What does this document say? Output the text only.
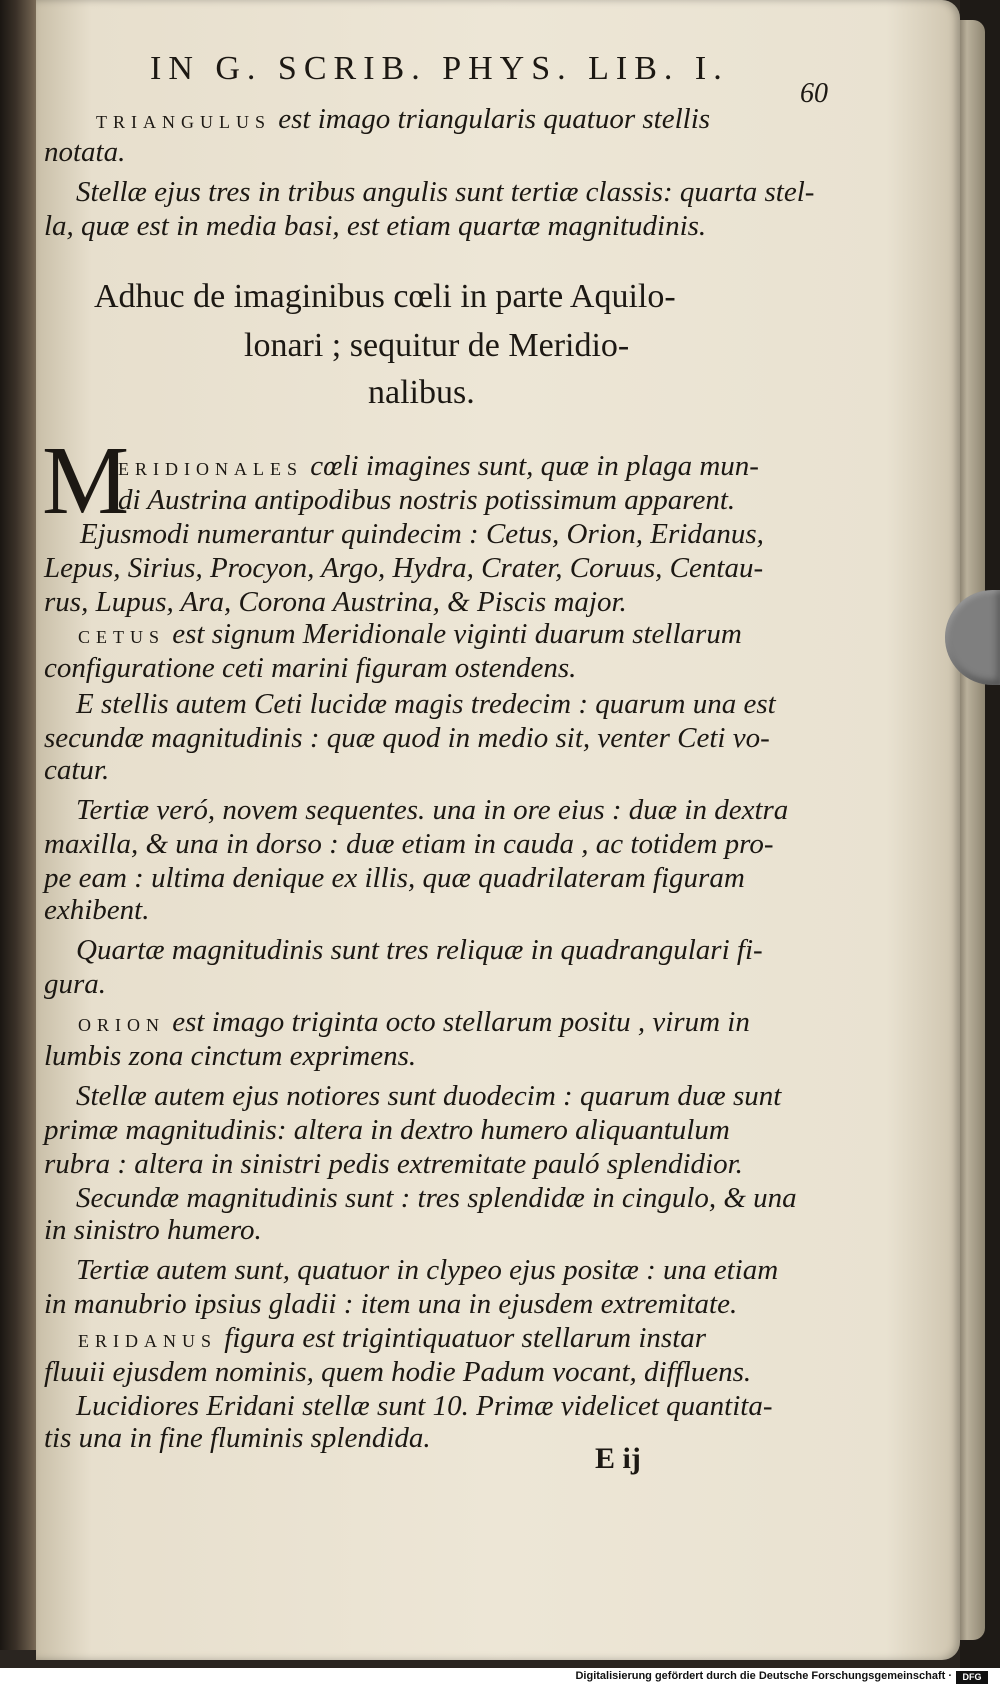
IN G. SCRIB. PHYS. LIB. I.
60
TRIANGULUS est imago triangularis quatuor stellis
notata.
Stellæ ejus tres in tribus angulis sunt tertiæ classis: quarta stel-
la, quæ est in media basi, est etiam quartæ magnitudinis.
Adhuc de imaginibus cœli in parte Aquilo-
lonari ; sequitur de Meridio-
nalibus.
M
ERIDIONALES cœli imagines sunt, quæ in plaga mun-
di Austrina antipodibus nostris potissimum apparent.
Ejusmodi numerantur quindecim : Cetus, Orion, Eridanus,
Lepus, Sirius, Procyon, Argo, Hydra, Crater, Coruus, Centau-
rus, Lupus, Ara, Corona Austrina, & Piscis major.
CETUS est signum Meridionale viginti duarum stellarum
configuratione ceti marini figuram ostendens.
E stellis autem Ceti lucidæ magis tredecim : quarum una est
secundæ magnitudinis : quæ quod in medio sit, venter Ceti vo-
catur.
Tertiæ veró, novem sequentes. una in ore eius : duæ in dextra
maxilla, & una in dorso : duæ etiam in cauda , ac totidem pro-
pe eam : ultima denique ex illis, quæ quadrilateram figuram
exhibent.
Quartæ magnitudinis sunt tres reliquæ in quadrangulari fi-
gura.
ORION est imago triginta octo stellarum positu , virum in
lumbis zona cinctum exprimens.
Stellæ autem ejus notiores sunt duodecim : quarum duæ sunt
primæ magnitudinis: altera in dextro humero aliquantulum
rubra : altera in sinistri pedis extremitate pauló splendidior.
Secundæ magnitudinis sunt : tres splendidæ in cingulo, & una
in sinistro humero.
Tertiæ autem sunt, quatuor in clypeo ejus positæ : una etiam
in manubrio ipsius gladii : item una in ejusdem extremitate.
ERIDANUS figura est trigintiquatuor stellarum instar
fluuii ejusdem nominis, quem hodie Padum vocant, diffluens.
Lucidiores Eridani stellæ sunt 10. Primæ videlicet quantita-
tis una in fine fluminis splendida.
E ij
Digitalisierung gefördert durch die Deutsche Forschungsgemeinschaft ·	DFG
